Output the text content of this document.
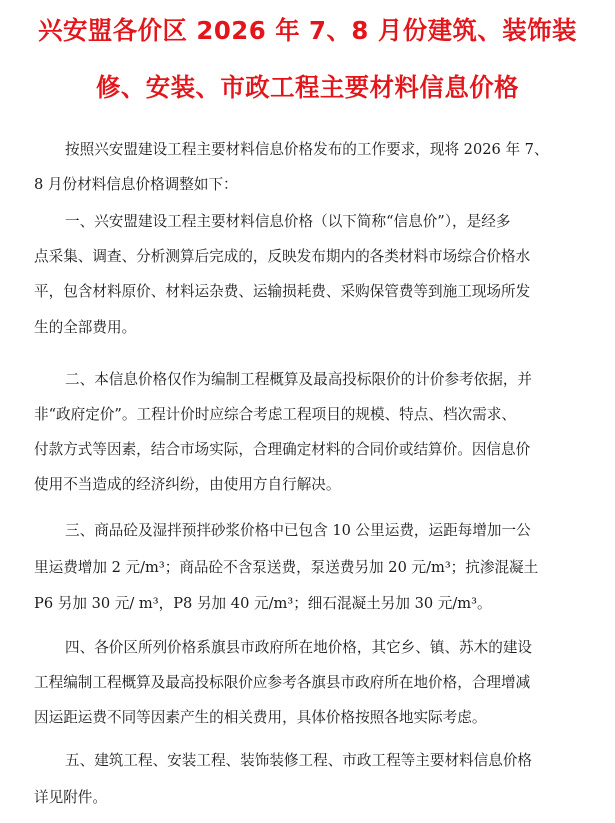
兴安盟各价区 2026 年 7、8 月份建筑、装饰装
修、安装、市政工程主要材料信息价格
按照兴安盟建设工程主要材料信息价格发布的工作要求，现将 2026 年 7、
8 月份材料信息价格调整如下：
一、兴安盟建设工程主要材料信息价格（以下简称“信息价”），是经多
点采集、调查、分析测算后完成的，反映发布期内的各类材料市场综合价格水
平，包含材料原价、材料运杂费、运输损耗费、采购保管费等到施工现场所发
生的全部费用。
二、本信息价格仅作为编制工程概算及最高投标限价的计价参考依据，并
非“政府定价”。工程计价时应综合考虑工程项目的规模、特点、档次需求、
付款方式等因素，结合市场实际，合理确定材料的合同价或结算价。因信息价
使用不当造成的经济纠纷，由使用方自行解决。
三、商品砼及湿拌预拌砂浆价格中已包含 10 公里运费，运距每增加一公
里运费增加 2 元/m³；商品砼不含泵送费，泵送费另加 20 元/m³；抗渗混凝土
P6 另加 30 元/ m³，P8 另加 40 元/m³；细石混凝土另加 30 元/m³。
四、各价区所列价格系旗县市政府所在地价格，其它乡、镇、苏木的建设
工程编制工程概算及最高投标限价应参考各旗县市政府所在地价格，合理增减
因运距运费不同等因素产生的相关费用，具体价格按照各地实际考虑。
五、建筑工程、安装工程、装饰装修工程、市政工程等主要材料信息价格
详见附件。
